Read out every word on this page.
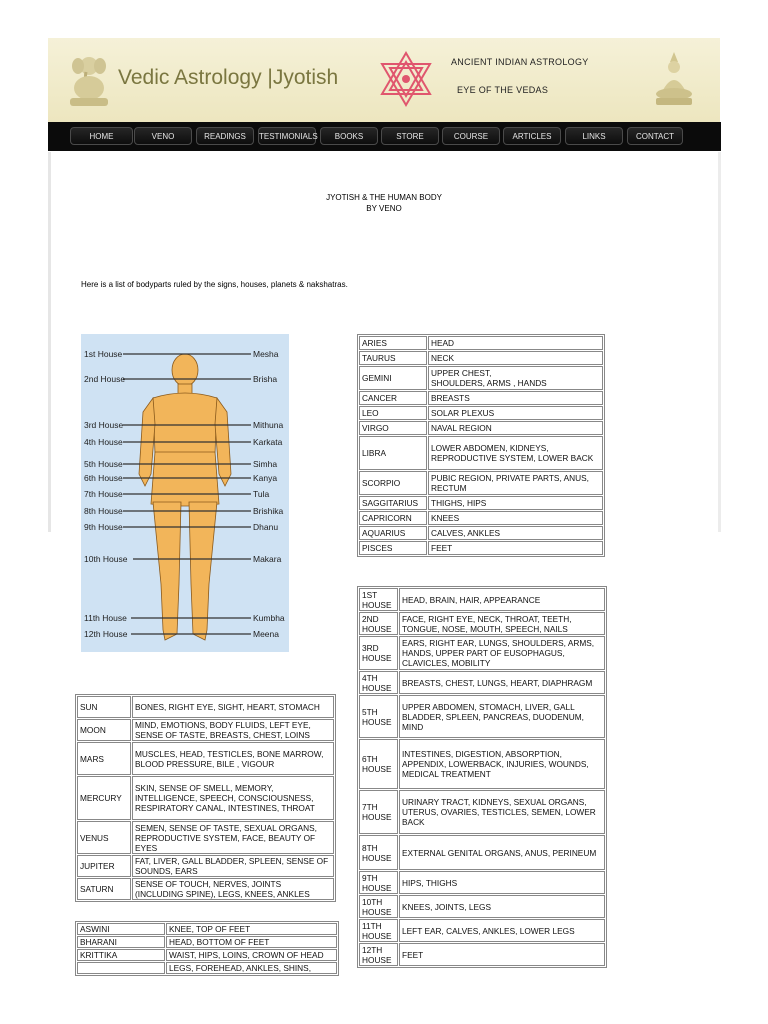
Vedic Astrology |Jyotish
ANCIENT INDIAN ASTROLOGY
EYE OF THE VEDAS
HOME	VENO	READINGS	TESTIMONIALS	BOOKS	STORE	COURSE	ARTICLES	LINKS	CONTACT
JYOTISH & THE HUMAN BODY
BY VENO
Here is a list of bodyparts ruled by the signs, houses, planets & nakshatras.
1st House
2nd House
3rd House
4th House
5th House
6th House
7th House
8th House
9th House
10th House
11th House
12th House
Mesha
Brisha
Mithuna
Karkata
Simha
Kanya
Tula
Brishika
Dhanu
Makara
Kumbha
Meena
ARIES	HEAD
TAURUS	NECK
GEMINI	UPPER CHEST,
SHOULDERS, ARMS , HANDS
CANCER	BREASTS
LEO	SOLAR PLEXUS
VIRGO	NAVAL REGION
LIBRA	LOWER ABDOMEN, KIDNEYS, REPRODUCTIVE SYSTEM, LOWER BACK
SCORPIO	PUBIC REGION, PRIVATE PARTS, ANUS, RECTUM
SAGGITARIUS	THIGHS, HIPS
CAPRICORN	KNEES
AQUARIUS	CALVES, ANKLES
PISCES	FEET
1ST HOUSE	HEAD, BRAIN, HAIR, APPEARANCE
2ND HOUSE	FACE, RIGHT EYE, NECK, THROAT, TEETH, TONGUE, NOSE, MOUTH, SPEECH, NAILS
3RD HOUSE	EARS, RIGHT EAR, LUNGS, SHOULDERS, ARMS, HANDS, UPPER PART OF EUSOPHAGUS, CLAVICLES, MOBILITY
4TH HOUSE	BREASTS, CHEST, LUNGS, HEART, DIAPHRAGM
5TH HOUSE	UPPER ABDOMEN, STOMACH, LIVER, GALL BLADDER, SPLEEN, PANCREAS, DUODENUM, MIND
6TH HOUSE	INTESTINES, DIGESTION, ABSORPTION, APPENDIX, LOWERBACK, INJURIES, WOUNDS, MEDICAL TREATMENT
7TH HOUSE	URINARY TRACT, KIDNEYS, SEXUAL ORGANS, UTERUS, OVARIES, TESTICLES, SEMEN, LOWER BACK
8TH HOUSE	EXTERNAL GENITAL ORGANS, ANUS, PERINEUM
9TH HOUSE	HIPS, THIGHS
10TH HOUSE	KNEES, JOINTS, LEGS
11TH HOUSE	LEFT EAR, CALVES, ANKLES, LOWER LEGS
12TH HOUSE	FEET
SUN	BONES, RIGHT EYE, SIGHT, HEART, STOMACH
MOON	MIND, EMOTIONS, BODY FLUIDS, LEFT EYE, SENSE OF TASTE, BREASTS, CHEST, LOINS
MARS	MUSCLES, HEAD, TESTICLES, BONE MARROW, BLOOD PRESSURE, BILE , VIGOUR
MERCURY	SKIN, SENSE OF SMELL, MEMORY, INTELLIGENCE, SPEECH, CONSCIOUSNESS, RESPIRATORY CANAL, INTESTINES, THROAT
VENUS	SEMEN, SENSE OF TASTE, SEXUAL ORGANS, REPRODUCTIVE SYSTEM, FACE, BEAUTY OF EYES
JUPITER	FAT, LIVER, GALL BLADDER, SPLEEN, SENSE OF SOUNDS, EARS
SATURN	SENSE OF TOUCH, NERVES, JOINTS (INCLUDING SPINE), LEGS, KNEES, ANKLES
ASWINI	KNEE, TOP OF FEET
BHARANI	HEAD, BOTTOM OF FEET
KRITTIKA	WAIST, HIPS, LOINS, CROWN OF HEAD
	LEGS, FOREHEAD, ANKLES, SHINS,
